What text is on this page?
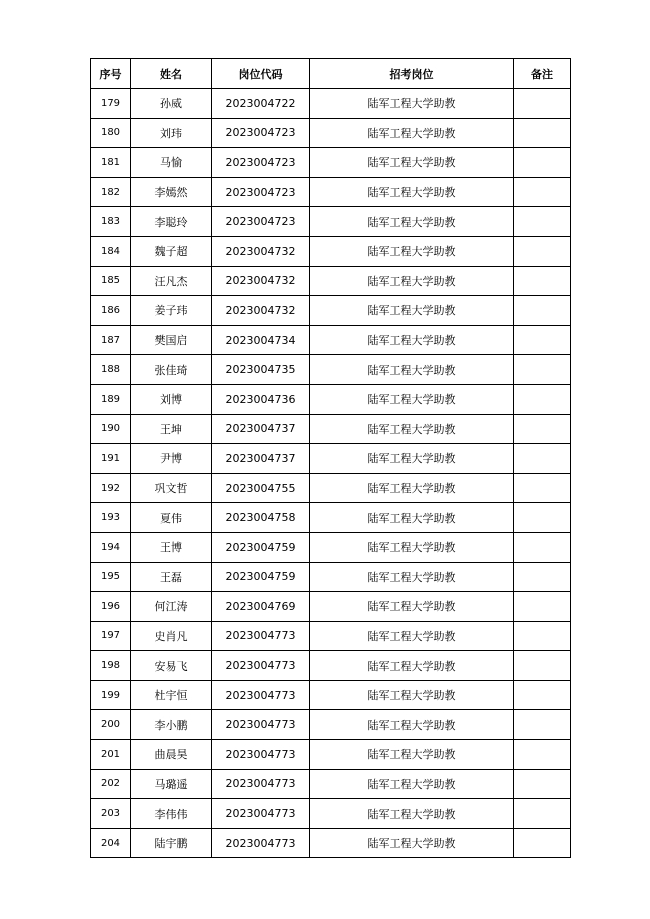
序号	姓名	岗位代码	招考岗位	备注
179	孙威	2023004722	陆军工程大学助教	
180	刘玮	2023004723	陆军工程大学助教	
181	马愉	2023004723	陆军工程大学助教	
182	李嫣然	2023004723	陆军工程大学助教	
183	李聪玲	2023004723	陆军工程大学助教	
184	魏子超	2023004732	陆军工程大学助教	
185	汪凡杰	2023004732	陆军工程大学助教	
186	姜子玮	2023004732	陆军工程大学助教	
187	樊国启	2023004734	陆军工程大学助教	
188	张佳琦	2023004735	陆军工程大学助教	
189	刘博	2023004736	陆军工程大学助教	
190	王坤	2023004737	陆军工程大学助教	
191	尹博	2023004737	陆军工程大学助教	
192	巩文哲	2023004755	陆军工程大学助教	
193	夏伟	2023004758	陆军工程大学助教	
194	王博	2023004759	陆军工程大学助教	
195	王磊	2023004759	陆军工程大学助教	
196	何江涛	2023004769	陆军工程大学助教	
197	史肖凡	2023004773	陆军工程大学助教	
198	安易飞	2023004773	陆军工程大学助教	
199	杜宇恒	2023004773	陆军工程大学助教	
200	李小鹏	2023004773	陆军工程大学助教	
201	曲晨昊	2023004773	陆军工程大学助教	
202	马璐遥	2023004773	陆军工程大学助教	
203	李伟伟	2023004773	陆军工程大学助教	
204	陆宇鹏	2023004773	陆军工程大学助教	
